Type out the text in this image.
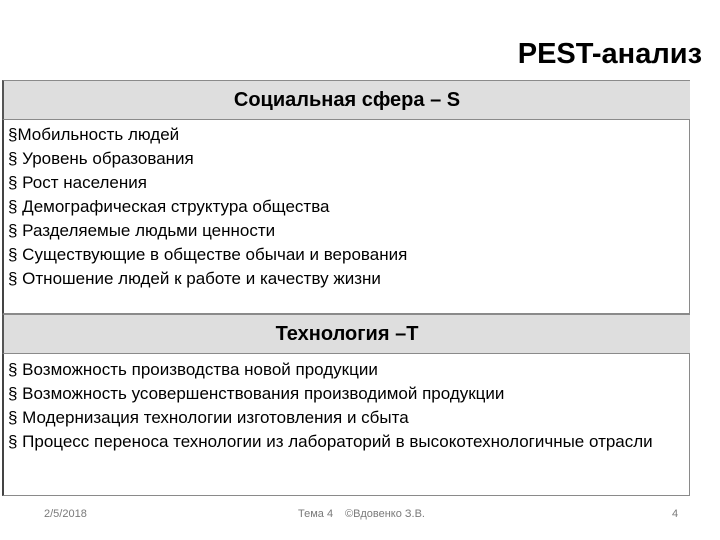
PEST-анализ
Социальная сфера – S
§Мобильность людей
§ Уровень образования
§ Рост населения
§ Демографическая структура общества
§ Разделяемые людьми ценности
§ Существующие в обществе обычаи и верования
§ Отношение людей к работе и качеству жизни
Технология –T
§ Возможность производства новой продукции
§ Возможность усовершенствования производимой продукции
§ Модернизация технологии изготовления и сбыта
§ Процесс переноса технологии из лабораторий в высокотехнологичные отрасли
2/5/2018	Тема 4 ©Вдовенко З.В.	4
